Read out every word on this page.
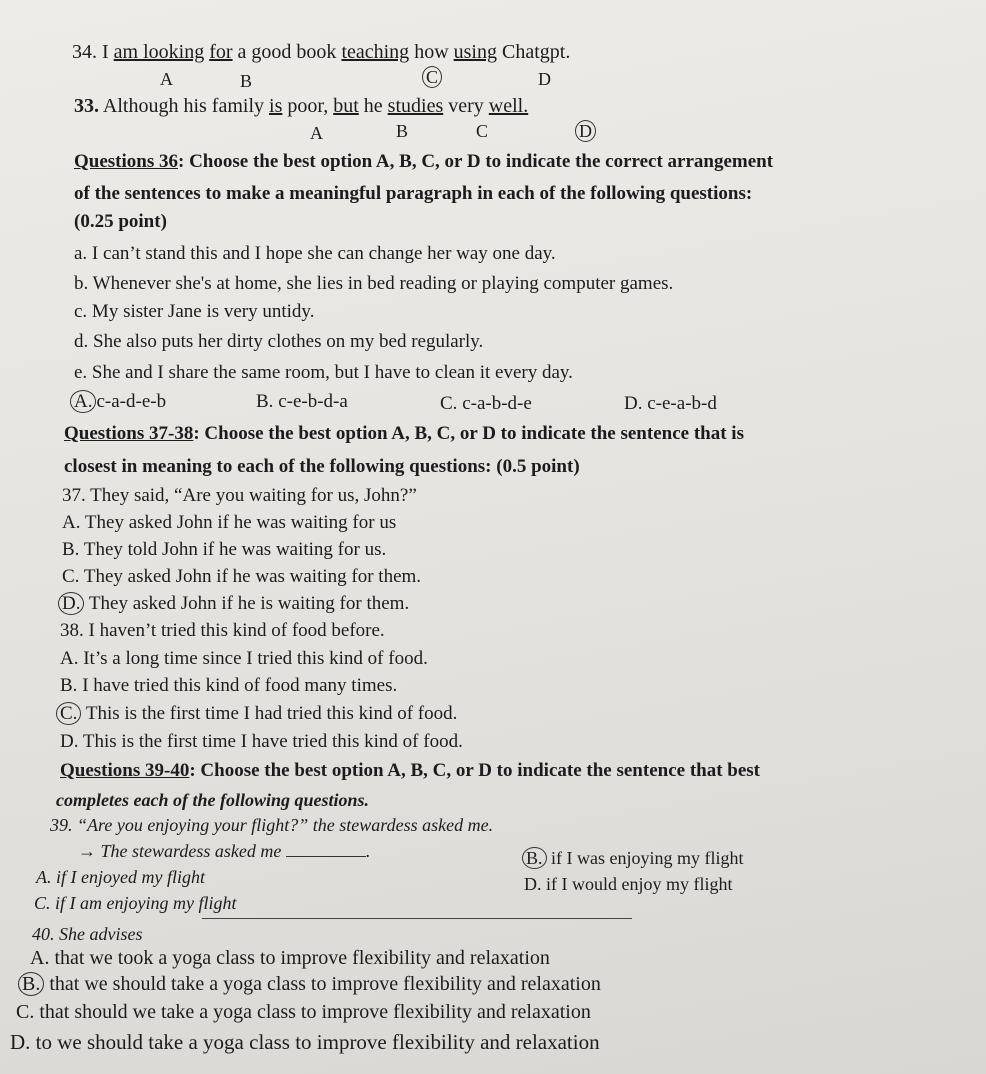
34. I am looking for a good book teaching how using Chatgpt.
A	B	C	D
33. Although his family is poor, but he studies very well.
A	B	C	D
Questions 36: Choose the best option A, B, C, or D to indicate the correct arrangement
of the sentences to make a meaningful paragraph in each of the following questions:
(0.25 point)
a. I can’t stand this and I hope she can change her way one day.
b. Whenever she's at home, she lies in bed reading or playing computer games.
c. My sister Jane is very untidy.
d. She also puts her dirty clothes on my bed regularly.
e. She and I share the same room, but I have to clean it every day.
A. c-a-d-e-b	B. c-e-b-d-a	C. c-a-b-d-e	D. c-e-a-b-d
Questions 37-38: Choose the best option A, B, C, or D to indicate the sentence that is
closest in meaning to each of the following questions: (0.5 point)
37. They said, “Are you waiting for us, John?”
A. They asked John if he was waiting for us
B. They told John if he was waiting for us.
C. They asked John if he was waiting for them.
D. They asked John if he is waiting for them.
38. I haven’t tried this kind of food before.
A. It’s a long time since I tried this kind of food.
B. I have tried this kind of food many times.
C. This is the first time I had tried this kind of food.
D. This is the first time I have tried this kind of food.
Questions 39-40: Choose the best option A, B, C, or D to indicate the sentence that best
completes each of the following questions.
39. “Are you enjoying your flight?” the stewardess asked me.
→ The stewardess asked me	.
A. if I enjoyed my flight
B. if I was enjoying my flight
C. if I am enjoying my flight
D. if I would enjoy my flight
40. She advises
A. that we took a yoga class to improve flexibility and relaxation
B. that we should take a yoga class to improve flexibility and relaxation
C. that should we take a yoga class to improve flexibility and relaxation
D. to we should take a yoga class to improve flexibility and relaxation
